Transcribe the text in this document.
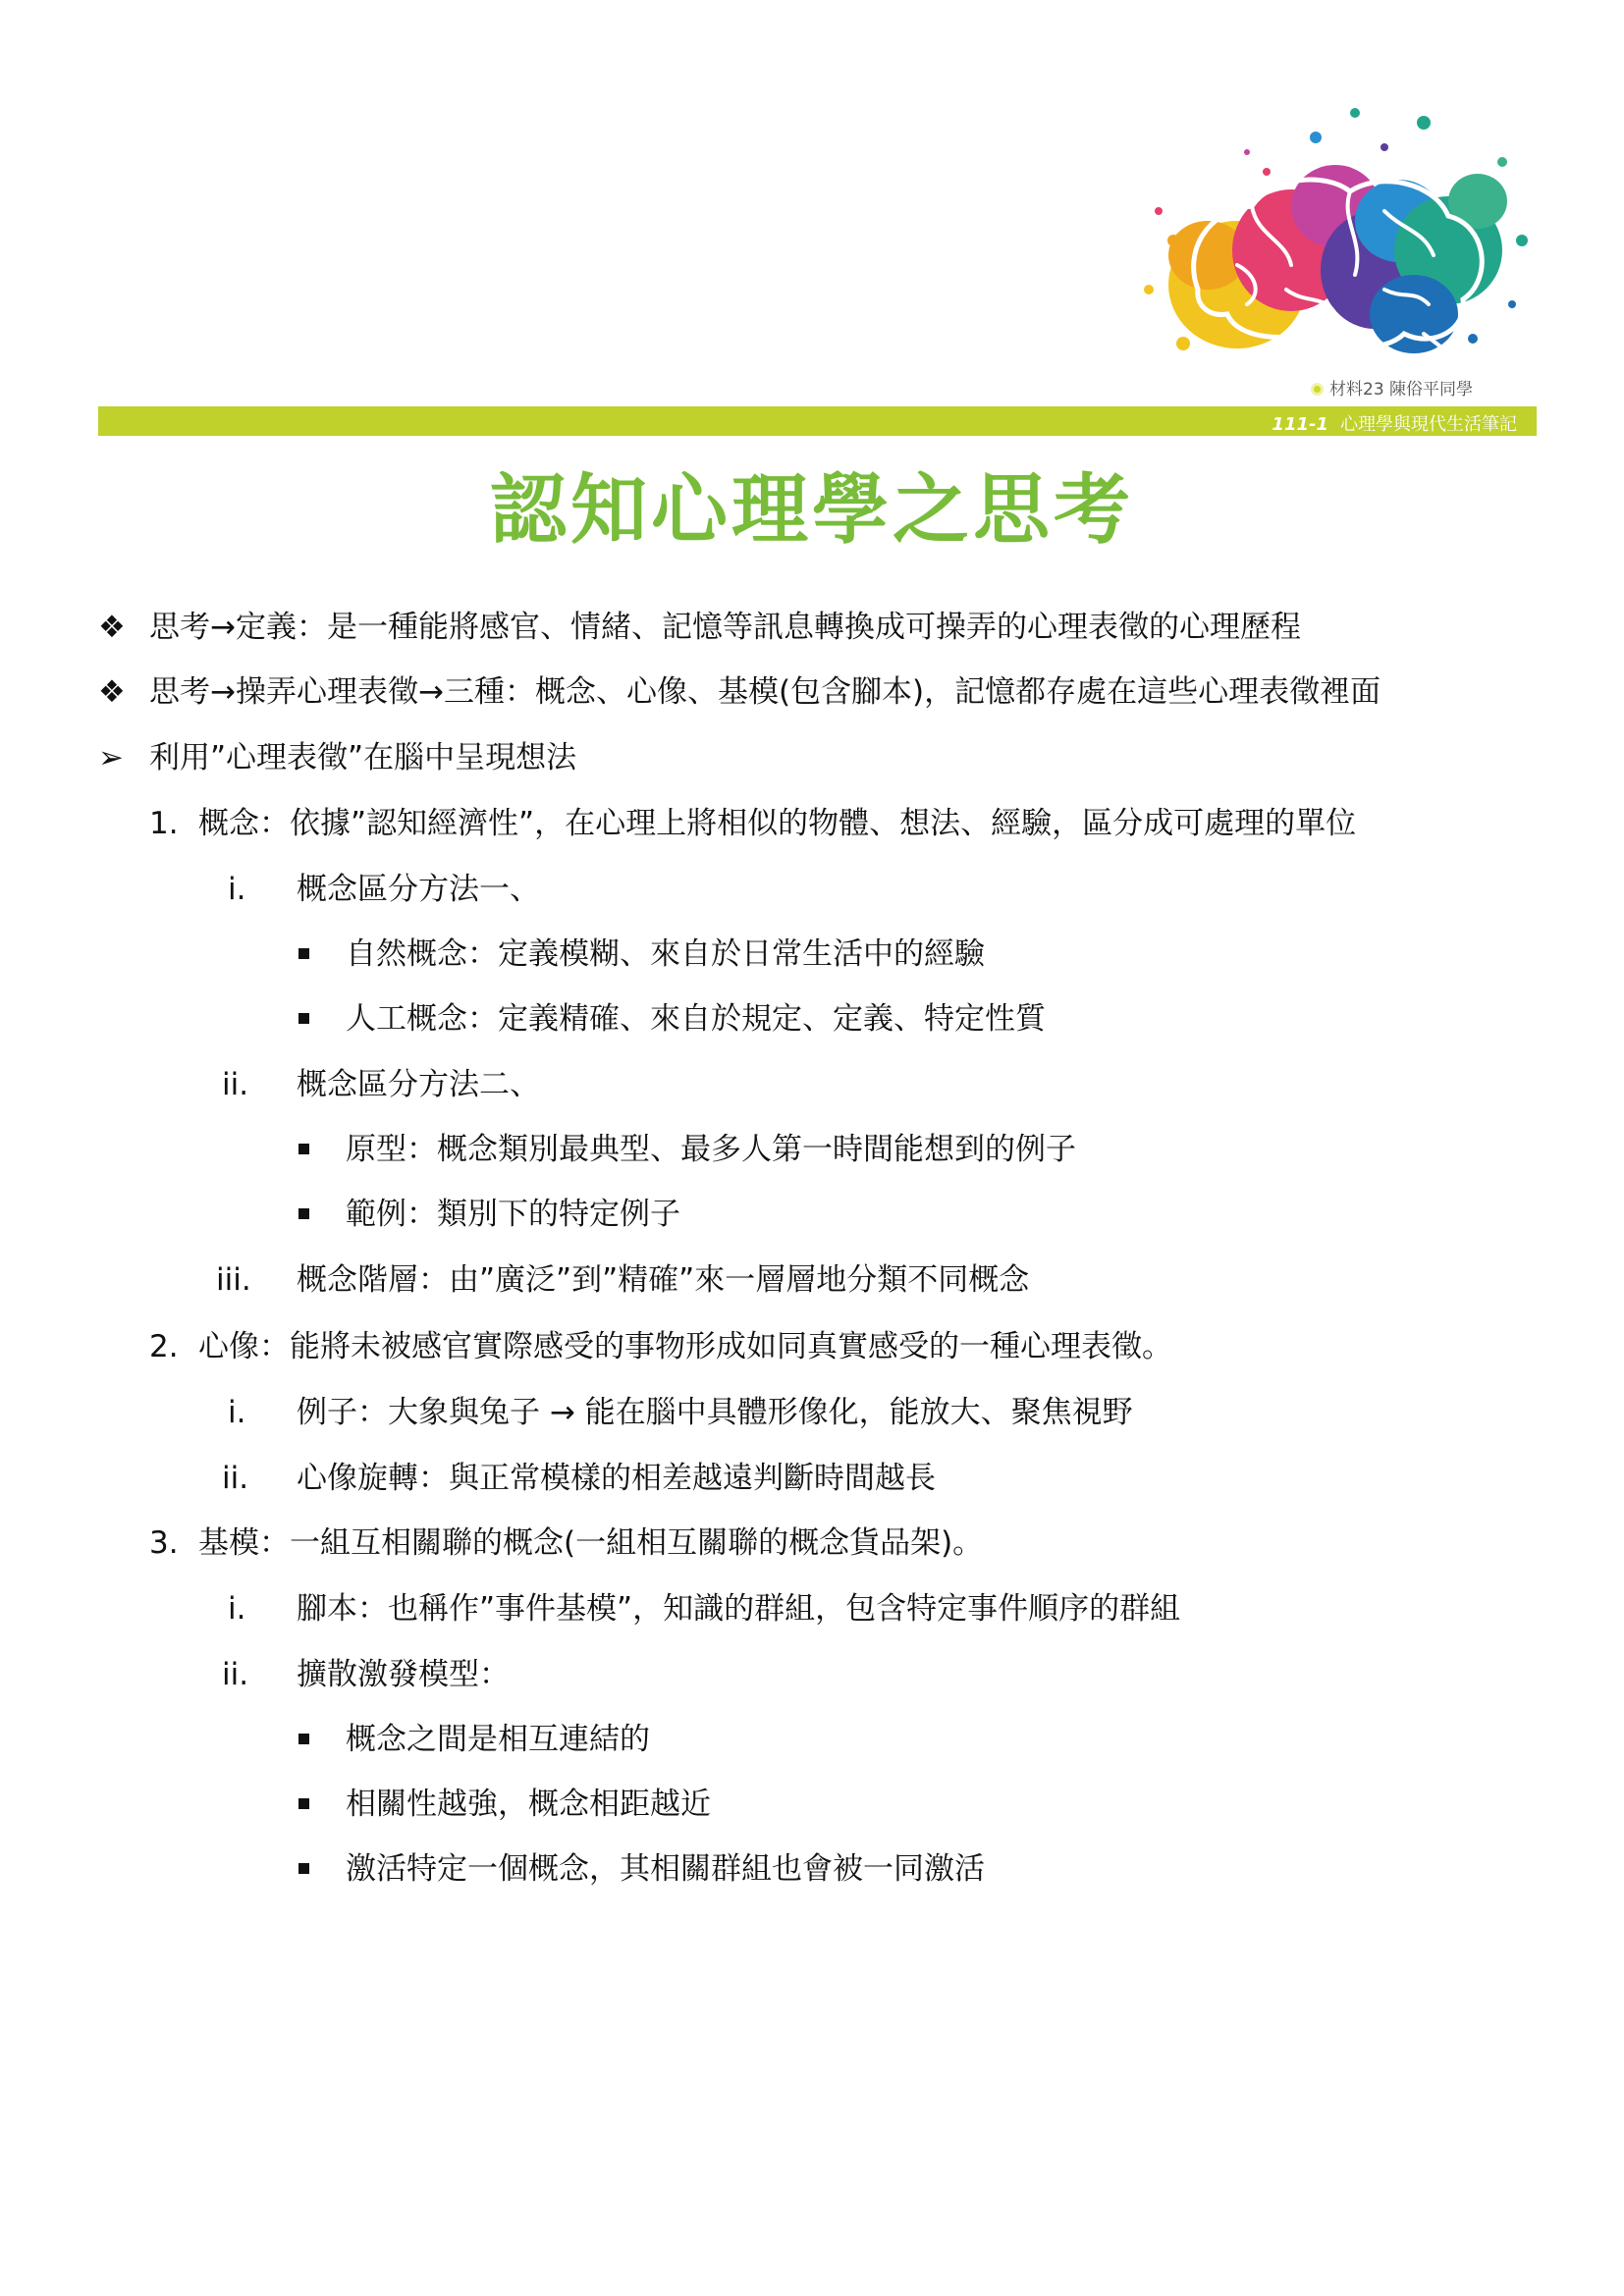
材料23 陳俗平同學
111-1 心理學與現代生活筆記
認知心理學之思考
❖ 思考→定義：是一種能將感官、情緒、記憶等訊息轉換成可操弄的心理表徵的心理歷程
❖ 思考→操弄心理表徵→三種：概念、心像、基模(包含腳本)，記憶都存處在這些心理表徵裡面
➢ 利用”心理表徵”在腦中呈現想法
1. 概念：依據”認知經濟性”，在心理上將相似的物體、想法、經驗，區分成可處理的單位
i. 概念區分方法一、
自然概念：定義模糊、來自於日常生活中的經驗
人工概念：定義精確、來自於規定、定義、特定性質
ii. 概念區分方法二、
原型：概念類別最典型、最多人第一時間能想到的例子
範例：類別下的特定例子
iii. 概念階層：由”廣泛”到”精確”來一層層地分類不同概念
2. 心像：能將未被感官實際感受的事物形成如同真實感受的一種心理表徵。
i. 例子：大象與兔子 → 能在腦中具體形像化，能放大、聚焦視野
ii. 心像旋轉：與正常模樣的相差越遠判斷時間越長
3. 基模：一組互相關聯的概念(一組相互關聯的概念貨品架)。
i. 腳本：也稱作”事件基模”，知識的群組，包含特定事件順序的群組
ii. 擴散激發模型：
概念之間是相互連結的
相關性越強，概念相距越近
激活特定一個概念，其相關群組也會被一同激活
